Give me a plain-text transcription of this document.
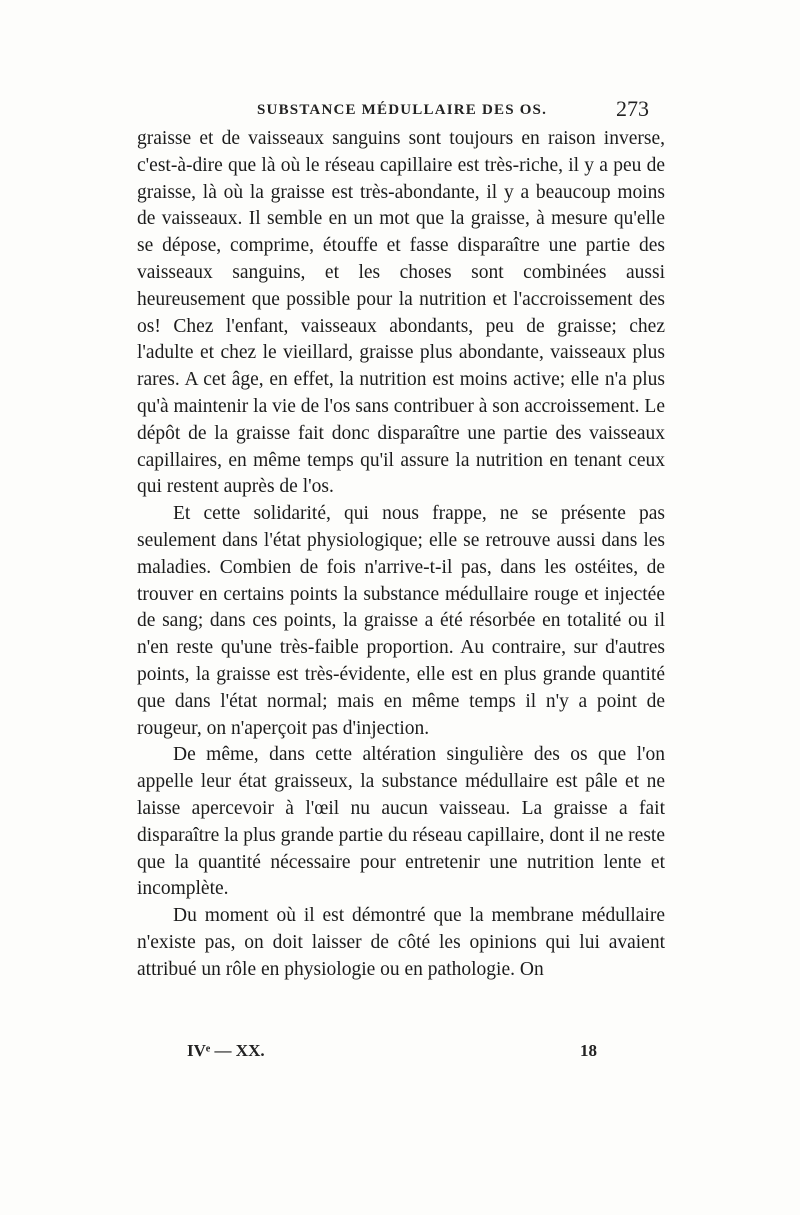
SUBSTANCE MÉDULLAIRE DES OS.	273

graisse et de vaisseaux sanguins sont toujours en raison inverse, c'est-à-dire que là où le réseau capillaire est très-riche, il y a peu de graisse, là où la graisse est très-abondante, il y a beaucoup moins de vaisseaux. Il semble en un mot que la graisse, à mesure qu'elle se dépose, comprime, étouffe et fasse disparaître une partie des vaisseaux sanguins, et les choses sont combinées aussi heureusement que possible pour la nutrition et l'accroissement des os! Chez l'enfant, vaisseaux abondants, peu de graisse; chez l'adulte et chez le vieillard, graisse plus abondante, vaisseaux plus rares. A cet âge, en effet, la nutrition est moins active; elle n'a plus qu'à maintenir la vie de l'os sans contribuer à son accroissement. Le dépôt de la graisse fait donc disparaître une partie des vaisseaux capillaires, en même temps qu'il assure la nutrition en tenant ceux qui restent auprès de l'os.

Et cette solidarité, qui nous frappe, ne se présente pas seulement dans l'état physiologique; elle se retrouve aussi dans les maladies. Combien de fois n'arrive-t-il pas, dans les ostéites, de trouver en certains points la substance médullaire rouge et injectée de sang; dans ces points, la graisse a été résorbée en totalité ou il n'en reste qu'une très-faible proportion. Au contraire, sur d'autres points, la graisse est très-évidente, elle est en plus grande quantité que dans l'état normal; mais en même temps il n'y a point de rougeur, on n'aperçoit pas d'injection.

De même, dans cette altération singulière des os que l'on appelle leur état graisseux, la substance médullaire est pâle et ne laisse apercevoir à l'œil nu aucun vaisseau. La graisse a fait disparaître la plus grande partie du réseau capillaire, dont il ne reste que la quantité nécessaire pour entretenir une nutrition lente et incomplète.

Du moment où il est démontré que la membrane médullaire n'existe pas, on doit laisser de côté les opinions qui lui avaient attribué un rôle en physiologie ou en pathologie. On

IVᵉ — XX.	18
